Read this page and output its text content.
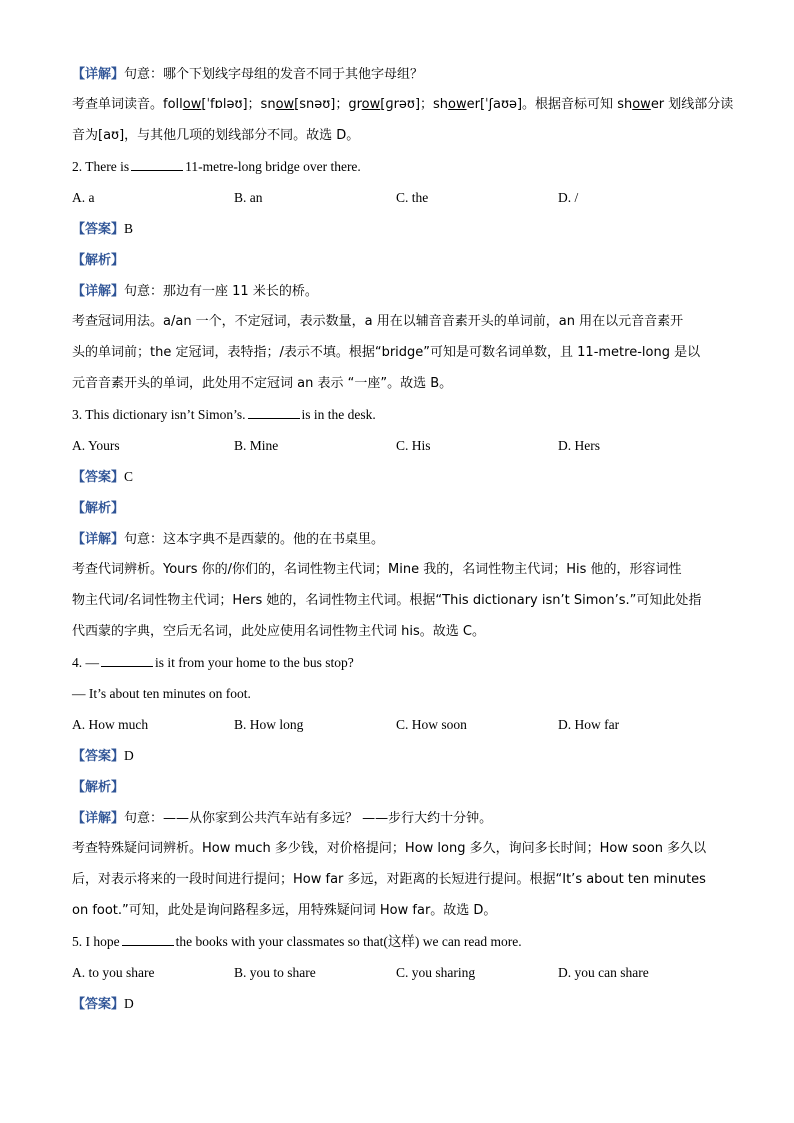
【详解】句意：哪个下划线字母组的发音不同于其他字母组？
考查单词读音。follow[ˈfɒləʊ]；snow[snəʊ]；grow[ɡrəʊ]；shower[ˈʃaʊə]。根据音标可知 shower 划线部分读
音为[aʊ]，与其他几项的划线部分不同。故选 D。
2. There is	11-metre-long bridge over there.
A. a	B. an	C. the	D. /
【答案】B
【解析】
【详解】句意：那边有一座 11 米长的桥。
考查冠词用法。a/an 一个，不定冠词，表示数量，a 用在以辅音音素开头的单词前，an 用在以元音音素开
头的单词前；the 定冠词，表特指；/表示不填。根据“bridge”可知是可数名词单数，且 11-metre-long 是以
元音音素开头的单词，此处用不定冠词 an 表示 “一座”。故选 B。
3. This dictionary isn’t Simon’s.	is in the desk.
A. Yours	B. Mine	C. His	D. Hers
【答案】C
【解析】
【详解】句意：这本字典不是西蒙的。他的在书桌里。
考查代词辨析。Yours 你的/你们的，名词性物主代词；Mine 我的，名词性物主代词；His 他的，形容词性
物主代词/名词性物主代词；Hers 她的，名词性物主代词。根据“This dictionary isn’t Simon’s.”可知此处指
代西蒙的字典，空后无名词，此处应使用名词性物主代词 his。故选 C。
4. —	is it from your home to the bus stop?
— It’s about ten minutes on foot.
A. How much	B. How long	C. How soon	D. How far
【答案】D
【解析】
【详解】句意：——从你家到公共汽车站有多远？ ——步行大约十分钟。
考查特殊疑问词辨析。How much 多少钱，对价格提问；How long 多久，询问多长时间；How soon 多久以
后，对表示将来的一段时间进行提问；How far 多远，对距离的长短进行提问。根据“It’s about ten minutes
on foot.”可知，此处是询问路程多远，用特殊疑问词 How far。故选 D。
5. I hope	the books with your classmates so that(这样) we can read more.
A. to you share	B. you to share	C. you sharing	D. you can share
【答案】D
